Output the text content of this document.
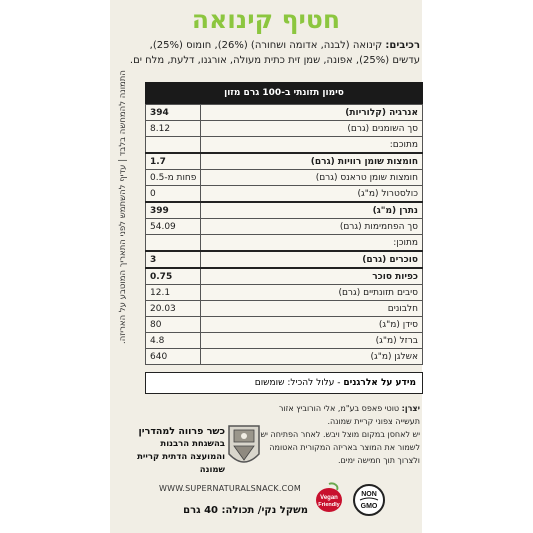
חטיף קינואה
רכיבים: קינואה (לבנה, אדומה ושחורה) (26%), חומוס (25%), עדשים (25%), אפונה, שמן זית כתית מעולה, אורגנו, דלעת, מלח ים.
התמונה להמחשה בלבד | עדיף להשתמש לפני התאריך המוטבע על האריזה.	סימון תזונתי ב-100 גרם מזון
394	אנרגיה (קלוריות)
8.12	סך השומנים (גרם)
	מתוכם:
1.7	חומצות שומן רוויות (גרם)
פחות מ-0.5	חומצות שומן טראנס (גרם)
0	כולסטרול (מ"ג)
399	נתרן (מ"ג)
54.09	סך הפחמימות (גרם)
	מתוכן:
3	סוכרים (גרם)
0.75	כפיות סוכר
12.1	סיבים תזונתיים (גרם)
20.03	חלבונים
80	סידן (מ"ג)
4.8	ברזל (מ"ג)
640	אשלגן (מ"ג)
מידע על אלרגנים - עלול להכיל: שומשום
יצרן: טוטי פאפס בע"מ, אלי הורוביץ אזור
תעשייה צפוני קריית שמונה.
יש לאחסן במקום מוצל ויבש. לאחר הפתיחה יש
לשמור את המוצר באריזה המקורית האטומה
ולצרוך תוך חמישה ימים.
כשר פרווה למהדרין
בהשגחת הרבנות
והמועצה הדתית קריית שמונה
WWW.SUPERNATURALSNACK.COM
משקל נקי/ תכולה: 40 גרם
Vegan
Friendly
NON
GMO
